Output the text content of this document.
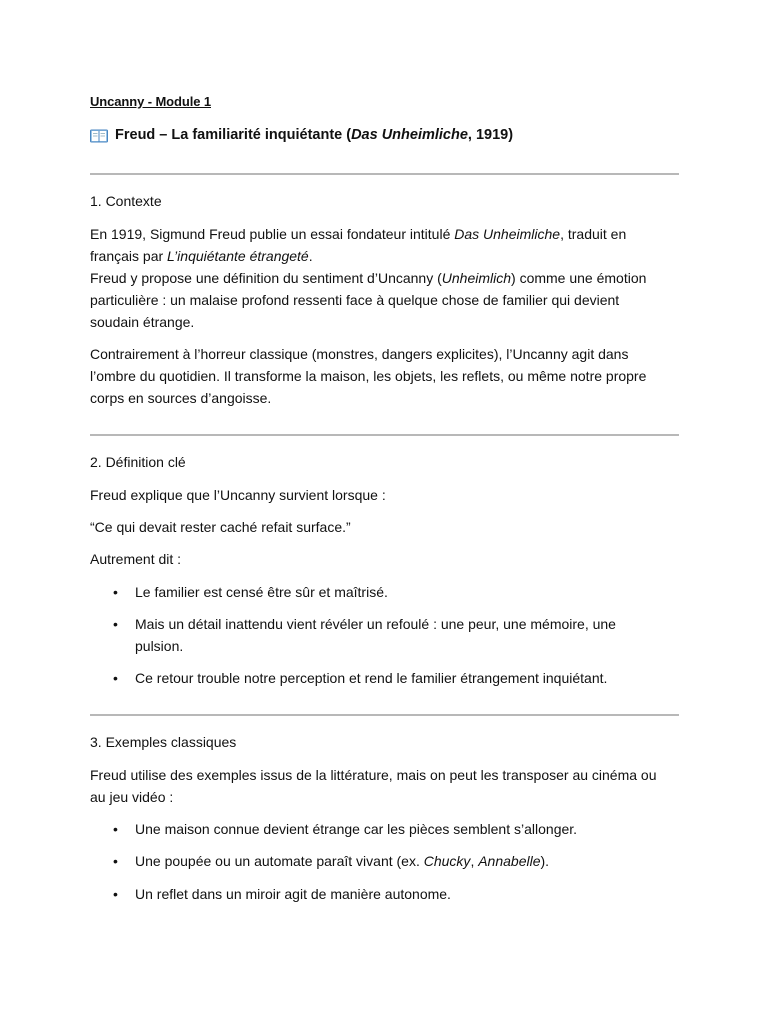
Uncanny - Module 1
Freud – La familiarité inquiétante ( Das Unheimliche , 1919)
1. Contexte

En 1919, Sigmund Freud publie un essai fondateur intitulé Das Unheimliche, traduit en

français par L’inquiétante étrangeté.

Freud y propose une définition du sentiment d’Uncanny (Unheimlich) comme une émotion

particulière : un malaise profond ressenti face à quelque chose de familier qui devient

soudain étrange.

Contrairement à l’horreur classique (monstres, dangers explicites), l’Uncanny agit dans

l’ombre du quotidien. Il transforme la maison, les objets, les reflets, ou même notre propre

corps en sources d’angoisse.

2. Définition clé
Freud explique que l’Uncanny survient lorsque :
“Ce qui devait rester caché refait surface.”
Autrement dit :
• Le familier est censé être sûr et maîtrisé.
• Mais un détail inattendu vient révéler un refoulé : une peur, une mémoire, une
pulsion.
• Ce retour trouble notre perception et rend le familier étrangement inquiétant.
3. Exemples classiques

Freud utilise des exemples issus de la littérature, mais on peut les transposer au cinéma ou

au jeu vidéo :

• Une maison connue devient étrange car les pièces semblent s’allonger.
• Une poupée ou un automate paraît vivant (ex. Chucky, Annabelle).
• Un reflet dans un miroir agit de manière autonome.
